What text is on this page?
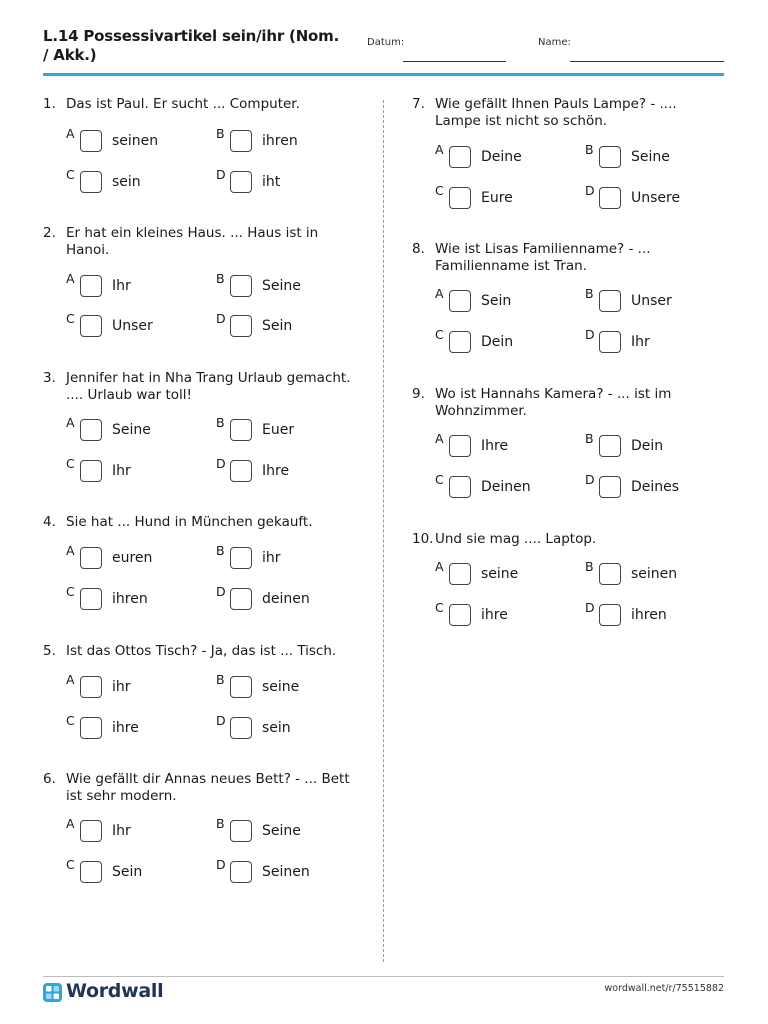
L.14 Possessivartikel sein/ihr (Nom. / Akk.)
Datum:	Name:
1. Das ist Paul. Er sucht ... Computer.
A	seinen	B	ihren
C	sein	D	iht
2. Er hat ein kleines Haus. ... Haus ist in Hanoi.
A	Ihr	B	Seine
C	Unser	D	Sein
3. Jennifer hat in Nha Trang Urlaub gemacht. .... Urlaub war toll!
A	Seine	B	Euer
C	Ihr	D	Ihre
4. Sie hat ... Hund in München gekauft.
A	euren	B	ihr
C	ihren	D	deinen
5. Ist das Ottos Tisch? - Ja, das ist ... Tisch.
A	ihr	B	seine
C	ihre	D	sein
6. Wie gefällt dir Annas neues Bett? - ... Bett ist sehr modern.
A	Ihr	B	Seine
C	Sein	D	Seinen
7. Wie gefällt Ihnen Pauls Lampe? - .... Lampe ist nicht so schön.
A	Deine	B	Seine
C	Eure	D	Unsere
8. Wie ist Lisas Familienname? - ... Familienname ist Tran.
A	Sein	B	Unser
C	Dein	D	Ihr
9. Wo ist Hannahs Kamera? - ... ist im Wohnzimmer.
A	Ihre	B	Dein
C	Deinen	D	Deines
10. Und sie mag .... Laptop.
A	seine	B	seinen
C	ihre	D	ihren
Wordwall	wordwall.net/r/75515882
